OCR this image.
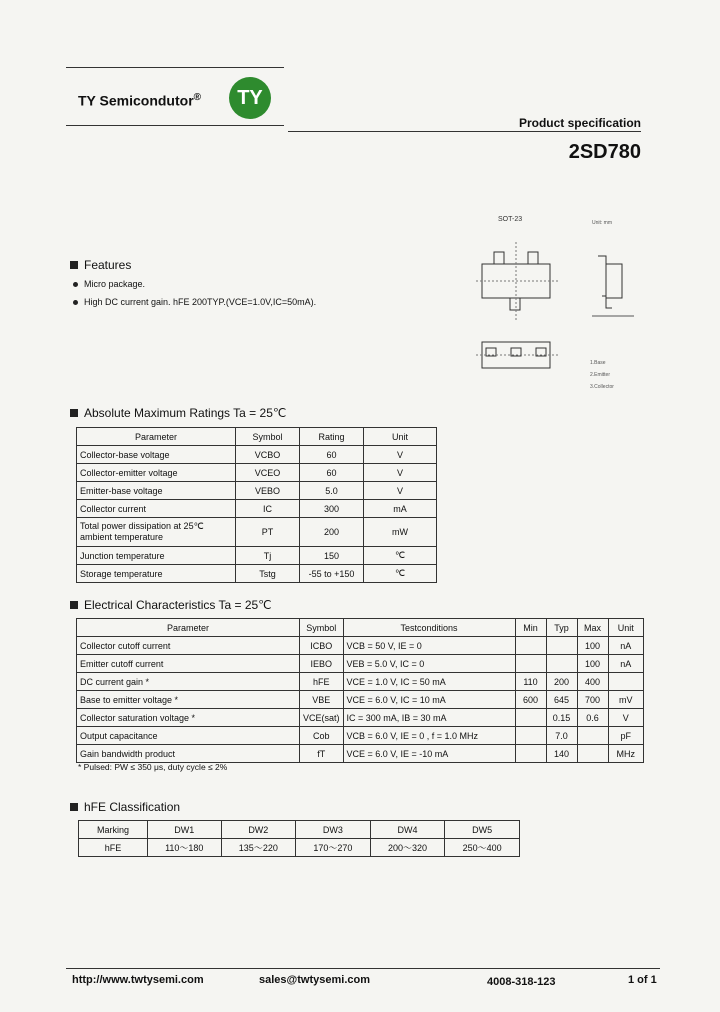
TY Semicondutor® TY
Product specification
2SD780
SOT-23	Unit: mm
1.Base
2.Emitter
3.Collector
Features
Micro package.
High DC current gain. hFE 200TYP.(VCE=1.0V,IC=50mA).
Absolute Maximum Ratings Ta = 25℃
Parameter	Symbol	Rating	Unit
Collector-base voltage	VCBO	60	V
Collector-emitter voltage	VCEO	60	V
Emitter-base voltage	VEBO	5.0	V
Collector current	IC	300	mA
Total power dissipation at 25℃ ambient temperature	PT	200	mW
Junction temperature	Tj	150	℃
Storage temperature	Tstg	-55 to +150	℃
Electrical Characteristics Ta = 25℃
Parameter	Symbol	Testconditions	Min	Typ	Max	Unit
Collector cutoff current	ICBO	VCB = 50 V, IE = 0			100	nA
Emitter cutoff current	IEBO	VEB = 5.0 V, IC = 0			100	nA
DC current gain *	hFE	VCE = 1.0 V, IC = 50 mA	110	200	400	
Base to emitter voltage *	VBE	VCE = 6.0 V, IC = 10 mA	600	645	700	mV
Collector saturation voltage *	VCE(sat)	IC = 300 mA, IB = 30 mA		0.15	0.6	V
Output capacitance	Cob	VCB = 6.0 V, IE = 0 , f = 1.0 MHz		7.0		pF
Gain bandwidth product	fT	VCE = 6.0 V, IE = -10 mA		140		MHz
* Pulsed: PW ≤ 350 μs, duty cycle ≤ 2%
hFE Classification
Marking	DW1	DW2	DW3	DW4	DW5
hFE	110～180	135～220	170～270	200～320	250～400
http://www.twtysemi.com	sales@twtysemi.com	4008-318-123	1 of 1
